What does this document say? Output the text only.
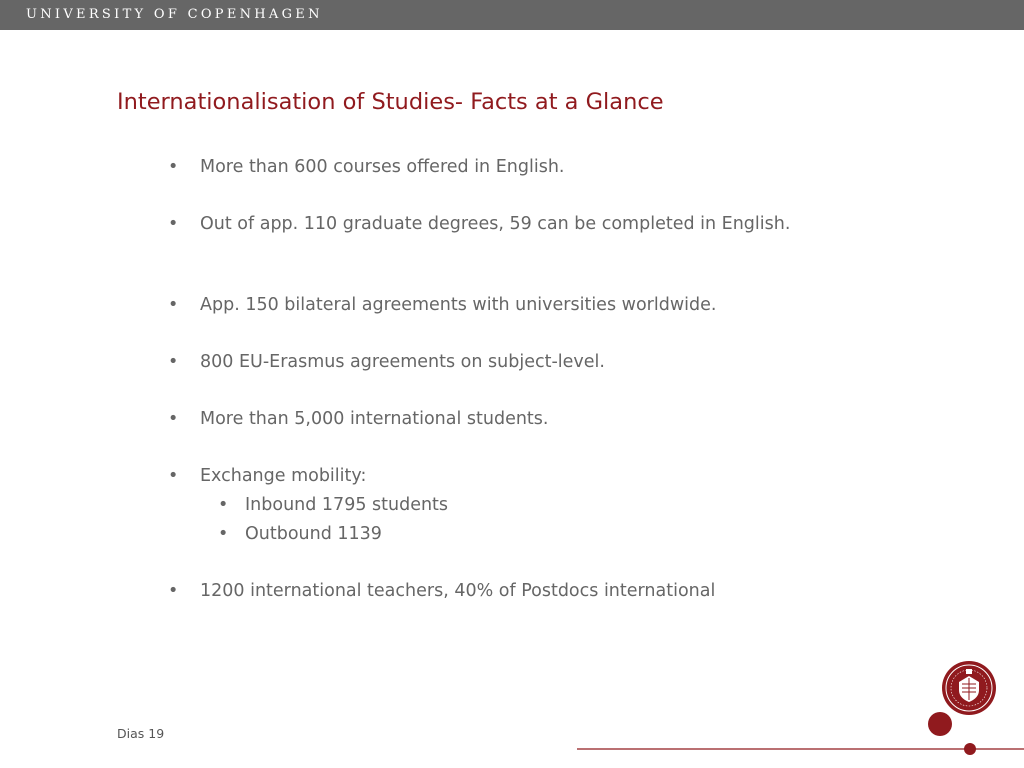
UNIVERSITY OF COPENHAGEN
Internationalisation of Studies- Facts at a Glance
• More than 600 courses offered in English.
• Out of app. 110 graduate degrees, 59 can be completed in English.
• App. 150 bilateral agreements with universities worldwide.
• 800 EU-Erasmus agreements on subject-level.
• More than 5,000 international students.
• Exchange mobility:
• Inbound 1795 students
• Outbound 1139
• 1200 international teachers, 40% of Postdocs international
Dias 19
